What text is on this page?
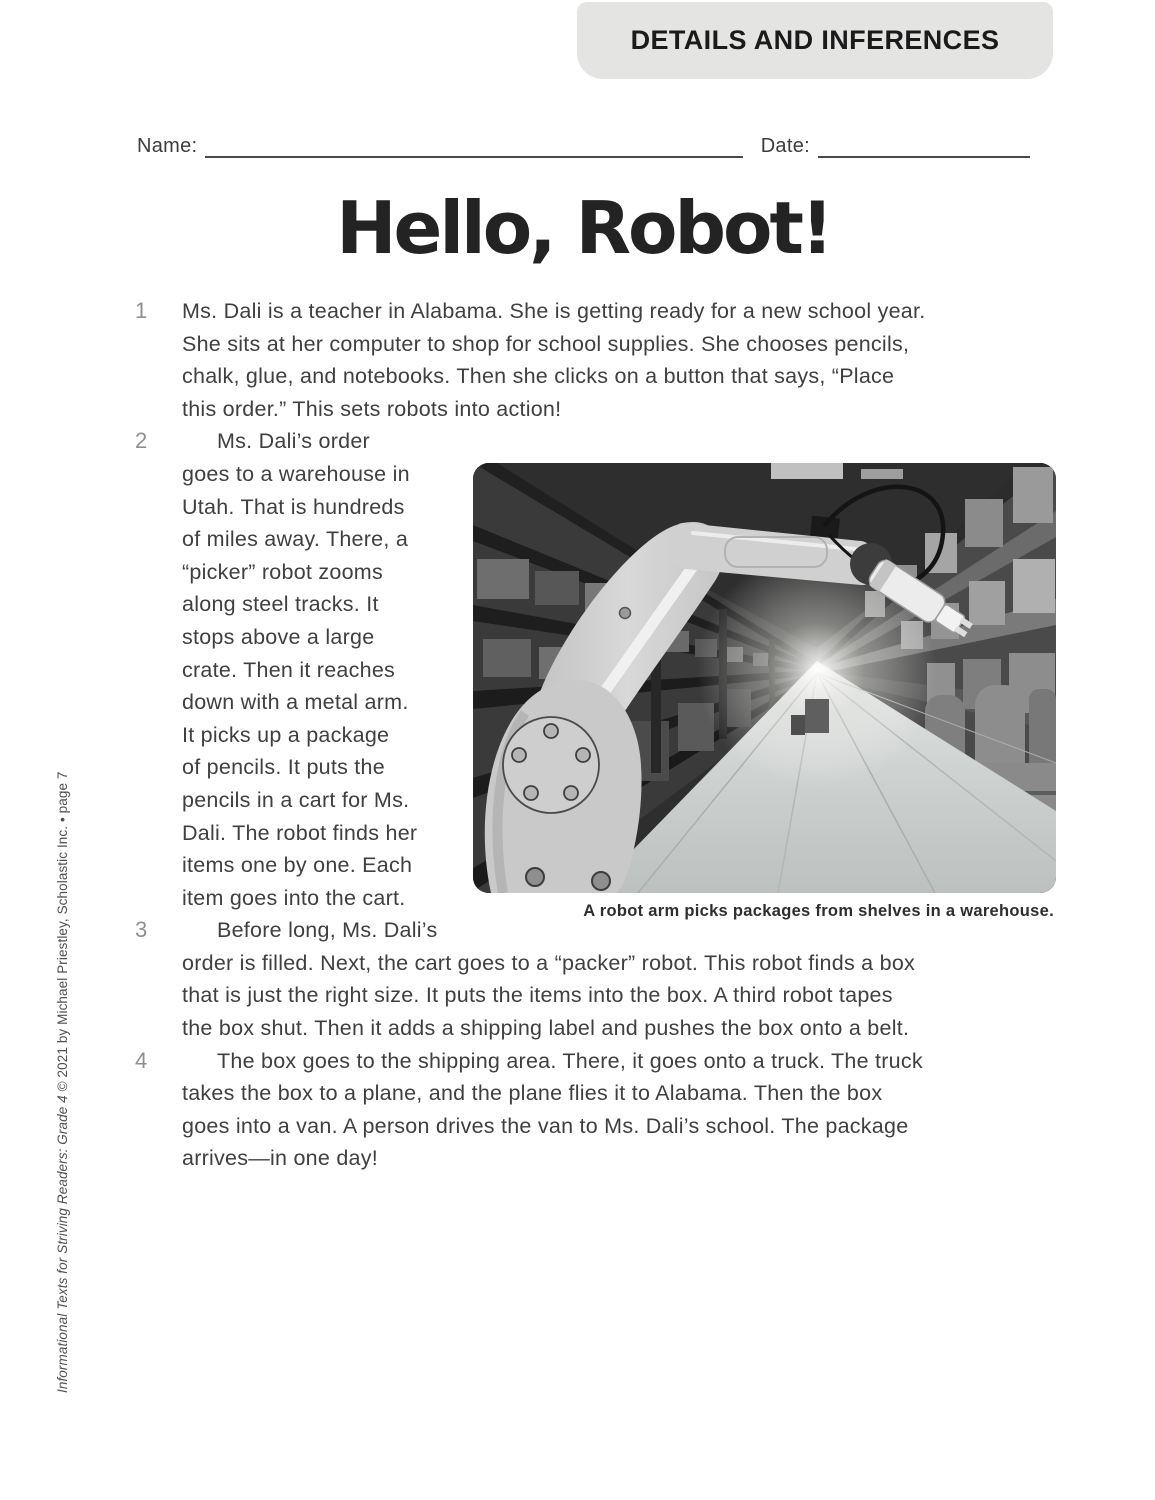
DETAILS AND INFERENCES
Name:	Date:
Hello, Robot!
1 Ms. Dali is a teacher in Alabama. She is getting ready for a new school year.
She sits at her computer to shop for school supplies. She chooses pencils,
chalk, glue, and notebooks. Then she clicks on a button that says, “Place
this order.” This sets robots into action!
2	Ms. Dali’s order
goes to a warehouse in
Utah. That is hundreds
of miles away. There, a
“picker” robot zooms
along steel tracks. It
stops above a large
crate. Then it reaches
down with a metal arm.
It picks up a package
of pencils. It puts the
pencils in a cart for Ms.
Dali. The robot finds her
items one by one. Each
item goes into the cart.
3	Before long, Ms. Dali’s
order is filled. Next, the cart goes to a “packer” robot. This robot finds a box
that is just the right size. It puts the items into the box. A third robot tapes
the box shut. Then it adds a shipping label and pushes the box onto a belt.
4	The box goes to the shipping area. There, it goes onto a truck. The truck
takes the box to a plane, and the plane flies it to Alabama. Then the box
goes into a van. A person drives the van to Ms. Dali’s school. The package
arrives—in one day!
A robot arm picks packages from shelves in a warehouse.
Informational Texts for Striving Readers: Grade 4 © 2021 by Michael Priestley, Scholastic Inc. • page 7
